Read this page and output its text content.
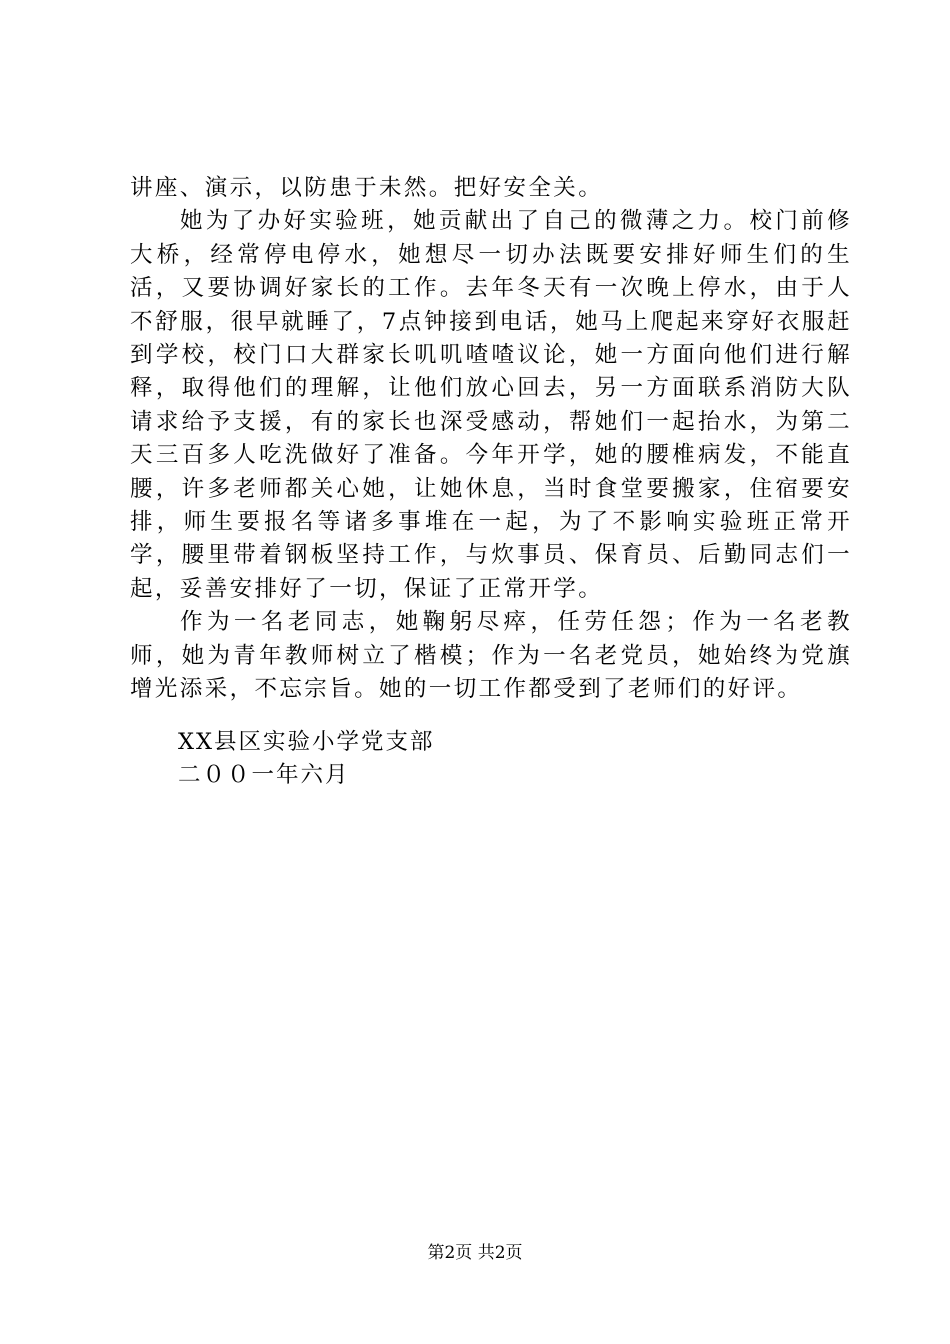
讲座、演示，以防患于未然。把好安全关。

她为了办好实验班，她贡献出了自己的微薄之力。校门前修大桥，经常停电停水，她想尽一切办法既要安排好师生们的生活，又要协调好家长的工作。去年冬天有一次晚上停水，由于人不舒服，很早就睡了，7点钟接到电话，她马上爬起来穿好衣服赶到学校，校门口大群家长叽叽喳喳议论，她一方面向他们进行解释，取得他们的理解，让他们放心回去，另一方面联系消防大队请求给予支援，有的家长也深受感动，帮她们一起抬水，为第二天三百多人吃洗做好了准备。今年开学，她的腰椎病发，不能直腰，许多老师都关心她，让她休息，当时食堂要搬家，住宿要安排，师生要报名等诸多事堆在一起，为了不影响实验班正常开学，腰里带着钢板坚持工作，与炊事员、保育员、后勤同志们一起，妥善安排好了一切，保证了正常开学。

作为一名老同志，她鞠躬尽瘁，任劳任怨；作为一名老教师，她为青年教师树立了楷模；作为一名老党员，她始终为党旗增光添采，不忘宗旨。她的一切工作都受到了老师们的好评。

XX县区实验小学党支部
二００一年六月
第2页 共2页
